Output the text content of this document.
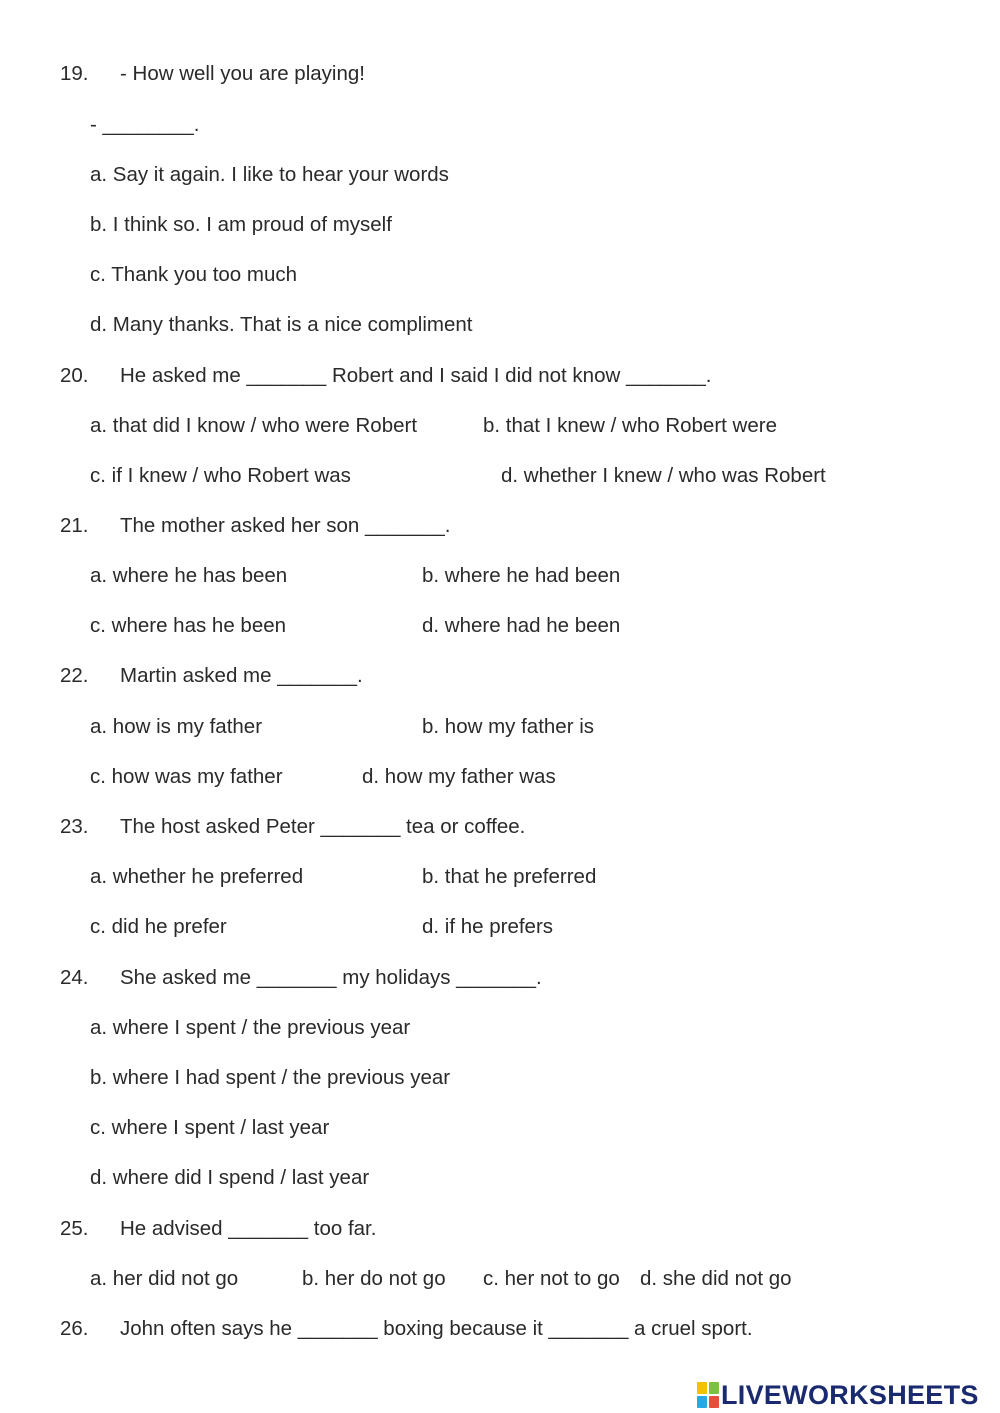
19. - How well you are playing!
- ________.
a. Say it again. I like to hear your words
b. I think so. I am proud of myself
c. Thank you too much
d. Many thanks. That is a nice compliment
20. He asked me _______ Robert and I said I did not know _______.
a. that did I know / who were Robert	b. that I knew / who Robert were
c. if I knew / who Robert was	d. whether I knew / who was Robert
21. The mother asked her son _______.
a. where he has been	b. where he had been
c. where has he been	d. where had he been
22. Martin asked me _______.
a. how is my father	b. how my father is
c. how was my father	d. how my father was
23. The host asked Peter _______ tea or coffee.
a. whether he preferred	b. that he preferred
c. did he prefer	d. if he prefers
24. She asked me _______ my holidays _______.
a. where I spent / the previous year
b. where I had spent / the previous year
c. where I spent / last year
d. where did I spend / last year
25. He advised _______ too far.
a. her did not go	b. her do not go c. her not to go d. she did not go
26. John often says he _______ boxing because it _______ a cruel sport.
LIVEWORKSHEETS
